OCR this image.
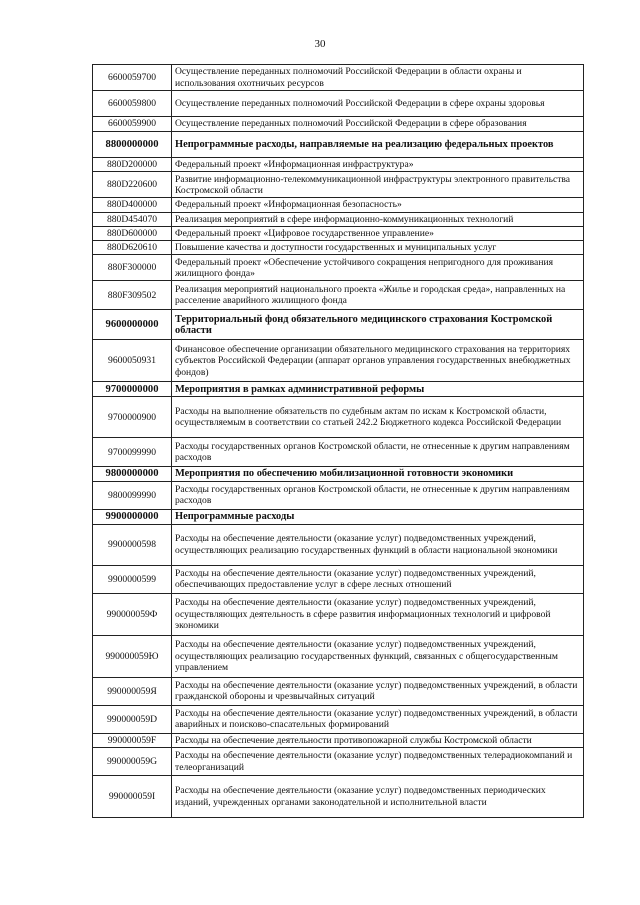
30
6600059700	Осуществление переданных полномочий Российской Федерации в области охраны и использования охотничьих ресурсов
6600059800	Осуществление переданных полномочий Российской Федерации в сфере охраны здоровья
6600059900	Осуществление переданных полномочий Российской Федерации в сфере образования
8800000000	Непрограммные расходы, направляемые на реализацию федеральных проектов
880D200000	Федеральный проект «Информационная инфраструктура»
880D220600	Развитие информационно-телекоммуникационной инфраструктуры электронного правительства Костромской области
880D400000	Федеральный проект «Информационная безопасность»
880D454070	Реализация мероприятий в сфере информационно-коммуникационных технологий
880D600000	Федеральный проект «Цифровое государственное управление»
880D620610	Повышение качества и доступности государственных и муниципальных услуг
880F300000	Федеральный проект «Обеспечение устойчивого сокращения непригодного для проживания жилищного фонда»
880F309502	Реализация мероприятий национального проекта «Жилье и городская среда», направленных на расселение аварийного жилищного фонда
9600000000	Территориальный фонд обязательного медицинского страхования Костромской области
9600050931	Финансовое обеспечение организации обязательного медицинского страхования на территориях субъектов Российской Федерации (аппарат органов управления государственных внебюджетных фондов)
9700000000	Мероприятия в рамках административной реформы
9700000900	Расходы на выполнение обязательств по судебным актам по искам к Костромской области, осуществляемым в соответствии со статьей 242.2 Бюджетного кодекса Российской Федерации
9700099990	Расходы государственных органов Костромской области, не отнесенные к другим направлениям расходов
9800000000	Мероприятия по обеспечению мобилизационной готовности экономики
9800099990	Расходы государственных органов Костромской области, не отнесенные к другим направлениям расходов
9900000000	Непрограммные расходы
9900000598	Расходы на обеспечение деятельности (оказание услуг) подведомственных учреждений, осуществляющих реализацию государственных функций в области национальной экономики
9900000599	Расходы на обеспечение деятельности (оказание услуг) подведомственных учреждений, обеспечивающих предоставление услуг в сфере лесных отношений
990000059Ф	Расходы на обеспечение деятельности (оказание услуг) подведомственных учреждений, осуществляющих деятельность в сфере развития информационных технологий и цифровой экономики
990000059Ю	Расходы на обеспечение деятельности (оказание услуг) подведомственных учреждений, осуществляющих реализацию государственных функций, связанных с общегосударственным управлением
990000059Я	Расходы на обеспечение деятельности (оказание услуг) подведомственных учреждений, в области гражданской обороны и чрезвычайных ситуаций
990000059D	Расходы на обеспечение деятельности (оказание услуг) подведомственных учреждений, в области аварийных и поисково-спасательных формирований
990000059F	Расходы на обеспечение деятельности противопожарной службы Костромской области
990000059G	Расходы на обеспечение деятельности (оказание услуг) подведомственных телерадиокомпаний и телеорганизаций
990000059I	Расходы на обеспечение деятельности (оказание услуг) подведомственных периодических изданий, учрежденных органами законодательной и исполнительной власти
